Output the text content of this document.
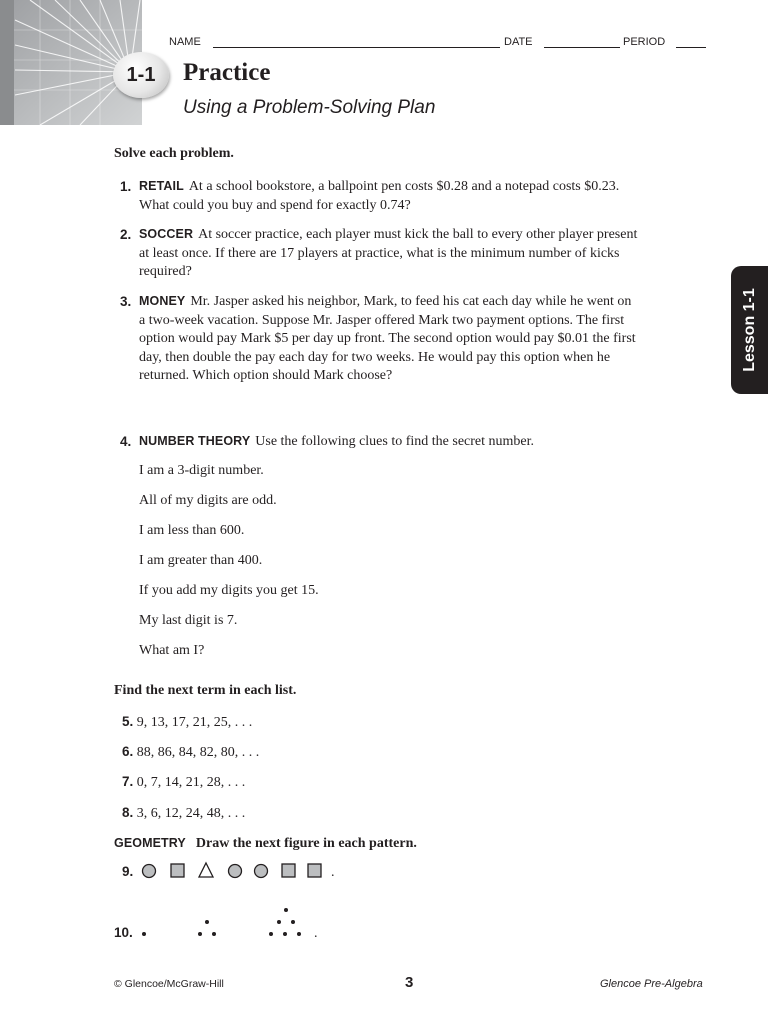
1-1
NAME	DATE	PERIOD
Practice
Using a Problem-Solving Plan
Lesson 1-1
Solve each problem.
1. RETAIL At a school bookstore, a ballpoint pen costs $0.28 and a notepad costs $0.23.
What could you buy and spend for exactly 0.74?
2. SOCCER At soccer practice, each player must kick the ball to every other player present
at least once. If there are 17 players at practice, what is the minimum number of kicks
required?
3. MONEY Mr. Jasper asked his neighbor, Mark, to feed his cat each day while he went on
a two-week vacation. Suppose Mr. Jasper offered Mark two payment options. The first
option would pay Mark $5 per day up front. The second option would pay $0.01 the first
day, then double the pay each day for two weeks. He would pay this option when he
returned. Which option should Mark choose?
4. NUMBER THEORY Use the following clues to find the secret number.
I am a 3-digit number.
All of my digits are odd.
I am less than 600.
I am greater than 400.
If you add my digits you get 15.
My last digit is 7.
What am I?
Find the next term in each list.
5. 9, 13, 17, 21, 25, . . .
6. 88, 86, 84, 82, 80, . . .
7. 0, 7, 14, 21, 28, . . .
8. 3, 6, 12, 24, 48, . . .
GEOMETRY Draw the next figure in each pattern.
9.	.
10.	.
© Glencoe/McGraw-Hill	3	Glencoe Pre-Algebra
